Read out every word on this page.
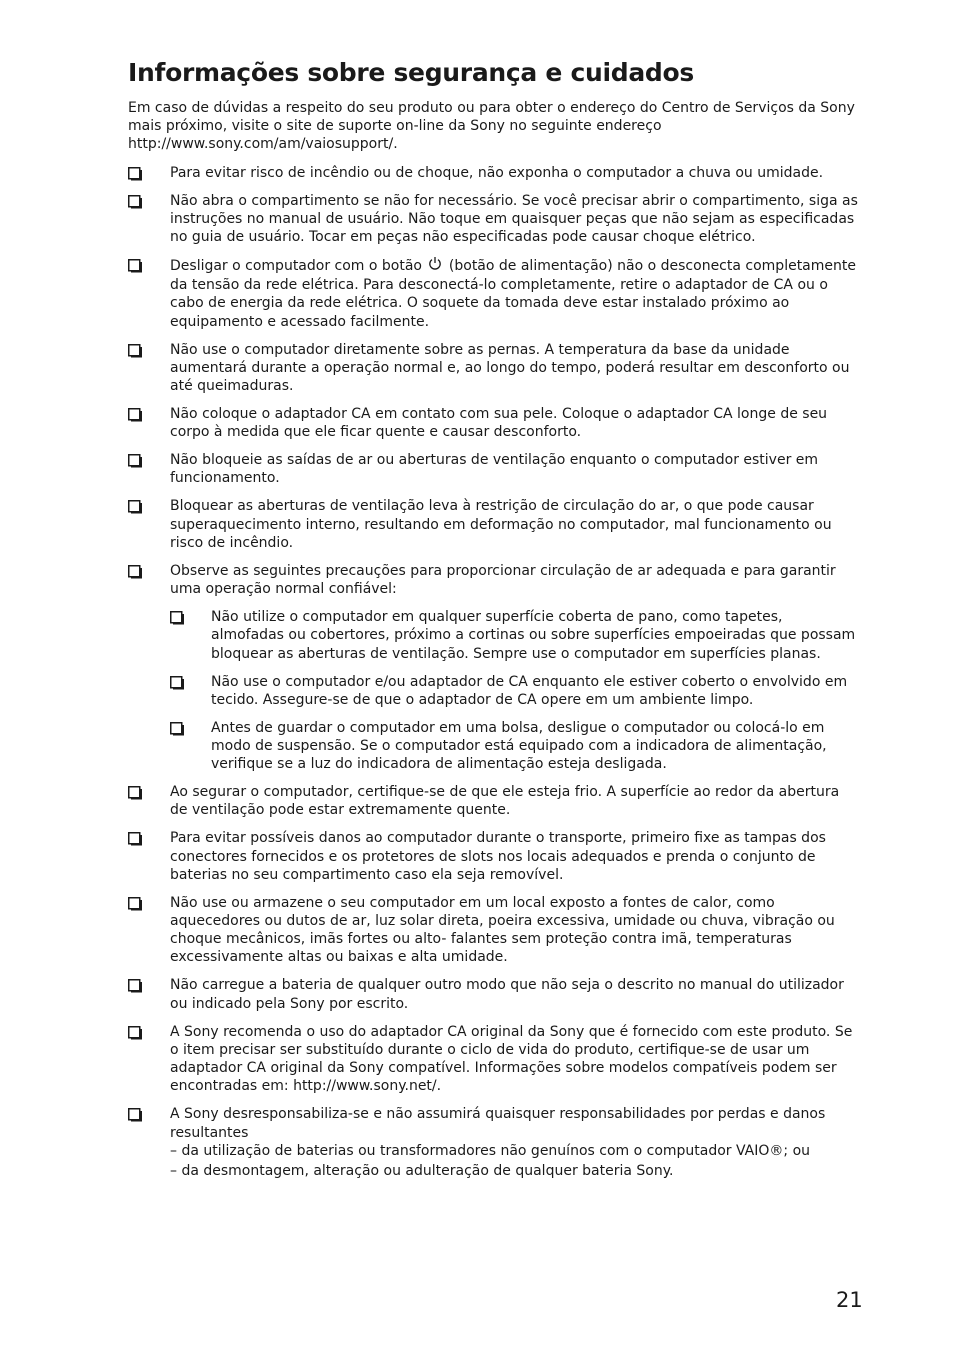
Informações sobre segurança e cuidados

Em caso de dúvidas a respeito do seu produto ou para obter o endereço do Centro de Serviços da Sony mais próximo, visite o site de suporte on-line da Sony no seguinte endereço http://www.sony.com/am/vaiosupport/.

Para evitar risco de incêndio ou de choque, não exponha o computador a chuva ou umidade.
Não abra o compartimento se não for necessário. Se você precisar abrir o compartimento, siga as instruções no manual de usuário. Não toque em quaisquer peças que não sejam as especificadas no guia de usuário. Tocar em peças não especificadas pode causar choque elétrico.
Desligar o computador com o botão (botão de alimentação) não o desconecta completamente da tensão da rede elétrica. Para desconectá-lo completamente, retire o adaptador de CA ou o cabo de energia da rede elétrica. O soquete da tomada deve estar instalado próximo ao equipamento e acessado facilmente.
Não use o computador diretamente sobre as pernas. A temperatura da base da unidade aumentará durante a operação normal e, ao longo do tempo, poderá resultar em desconforto ou até queimaduras.
Não coloque o adaptador CA em contato com sua pele. Coloque o adaptador CA longe de seu corpo à medida que ele ficar quente e causar desconforto.
Não bloqueie as saídas de ar ou aberturas de ventilação enquanto o computador estiver em funcionamento.
Bloquear as aberturas de ventilação leva à restrição de circulação do ar, o que pode causar superaquecimento interno, resultando em deformação no computador, mal funcionamento ou risco de incêndio.
Observe as seguintes precauções para proporcionar circulação de ar adequada e para garantir uma operação normal confiável:
Não utilize o computador em qualquer superfície coberta de pano, como tapetes, almofadas ou cobertores, próximo a cortinas ou sobre superfícies empoeiradas que possam bloquear as aberturas de ventilação. Sempre use o computador em superfícies planas.
Não use o computador e/ou adaptador de CA enquanto ele estiver coberto o envolvido em tecido. Assegure-se de que o adaptador de CA opere em um ambiente limpo.
Antes de guardar o computador em uma bolsa, desligue o computador ou colocá-lo em modo de suspensão. Se o computador está equipado com a indicadora de alimentação, verifique se a luz do indicadora de alimentação esteja desligada.
Ao segurar o computador, certifique-se de que ele esteja frio. A superfície ao redor da abertura de ventilação pode estar extremamente quente.
Para evitar possíveis danos ao computador durante o transporte, primeiro fixe as tampas dos conectores fornecidos e os protetores de slots nos locais adequados e prenda o conjunto de baterias no seu compartimento caso ela seja removível.
Não use ou armazene o seu computador em um local exposto a fontes de calor, como aquecedores ou dutos de ar, luz solar direta, poeira excessiva, umidade ou chuva, vibração ou choque mecânicos, imãs fortes ou alto- falantes sem proteção contra imã, temperaturas excessivamente altas ou baixas e alta umidade.
Não carregue a bateria de qualquer outro modo que não seja o descrito no manual do utilizador ou indicado pela Sony por escrito.
A Sony recomenda o uso do adaptador CA original da Sony que é fornecido com este produto. Se o item precisar ser substituído durante o ciclo de vida do produto, certifique-se de usar um adaptador CA original da Sony compatível. Informações sobre modelos compatíveis podem ser encontradas em: http://www.sony.net/.
A Sony desresponsabiliza-se e não assumirá quaisquer responsabilidades por perdas e danos resultantes
– da utilização de baterias ou transformadores não genuínos com o computador VAIO®; ou
– da desmontagem, alteração ou adulteração de qualquer bateria Sony.
21
